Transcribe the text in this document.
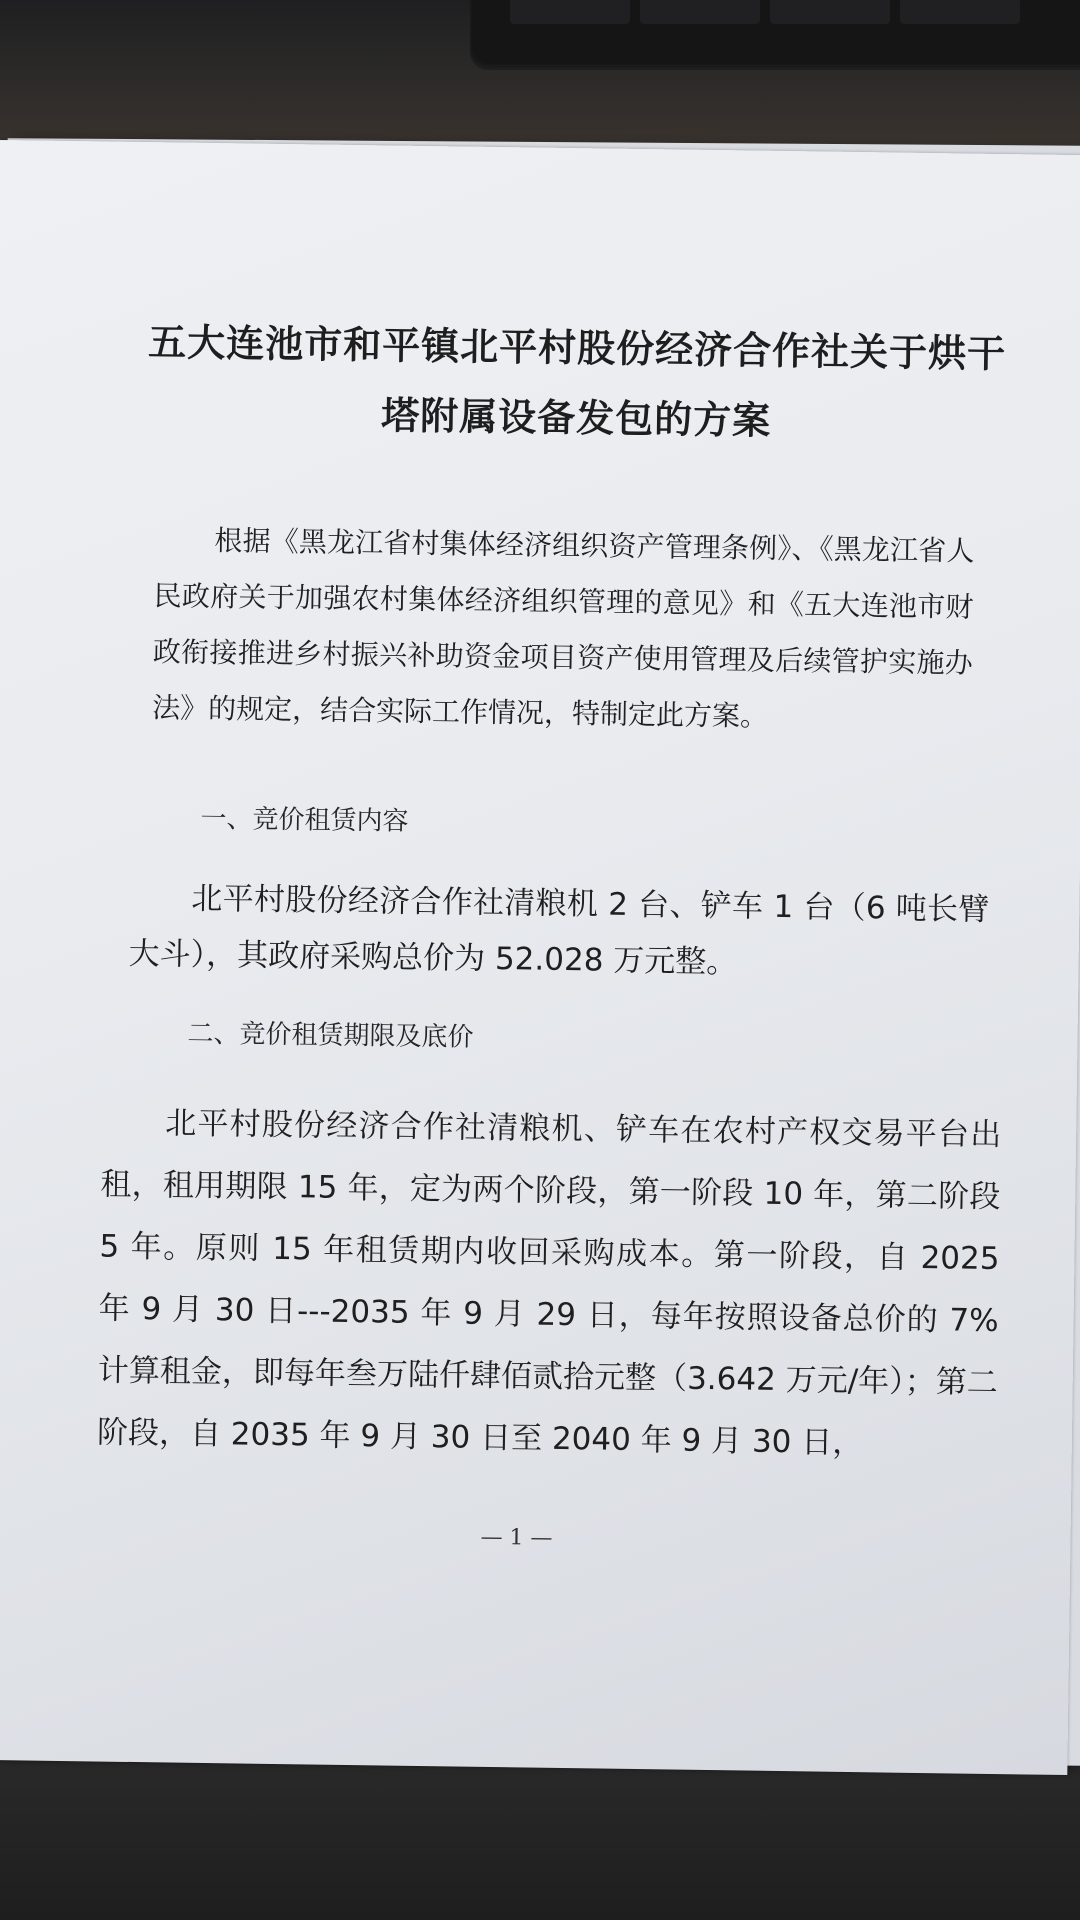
五大连池市和平镇北平村股份经济合作社关于烘干塔附属设备发包的方案
根据《黑龙江省村集体经济组织资产管理条例》、《黑龙江省人民政府关于加强农村集体经济组织管理的意见》和《五大连池市财政衔接推进乡村振兴补助资金项目资产使用管理及后续管护实施办法》的规定，结合实际工作情况，特制定此方案。
一、竞价租赁内容
北平村股份经济合作社清粮机 2 台、铲车 1 台（6 吨长臂大斗），其政府采购总价为 52.028 万元整。
二、竞价租赁期限及底价
北平村股份经济合作社清粮机、铲车在农村产权交易平台出租，租用期限 15 年，定为两个阶段，第一阶段 10 年，第二阶段 5 年。原则 15 年租赁期内收回采购成本。第一阶段，自 2025 年 9 月 30 日---2035 年 9 月 29 日，每年按照设备总价的 7%计算租金，即每年叁万陆仟肆佰贰拾元整（3.642 万元/年）；第二阶段，自 2035 年 9 月 30 日至 2040 年 9 月 30 日，
— 1 —
